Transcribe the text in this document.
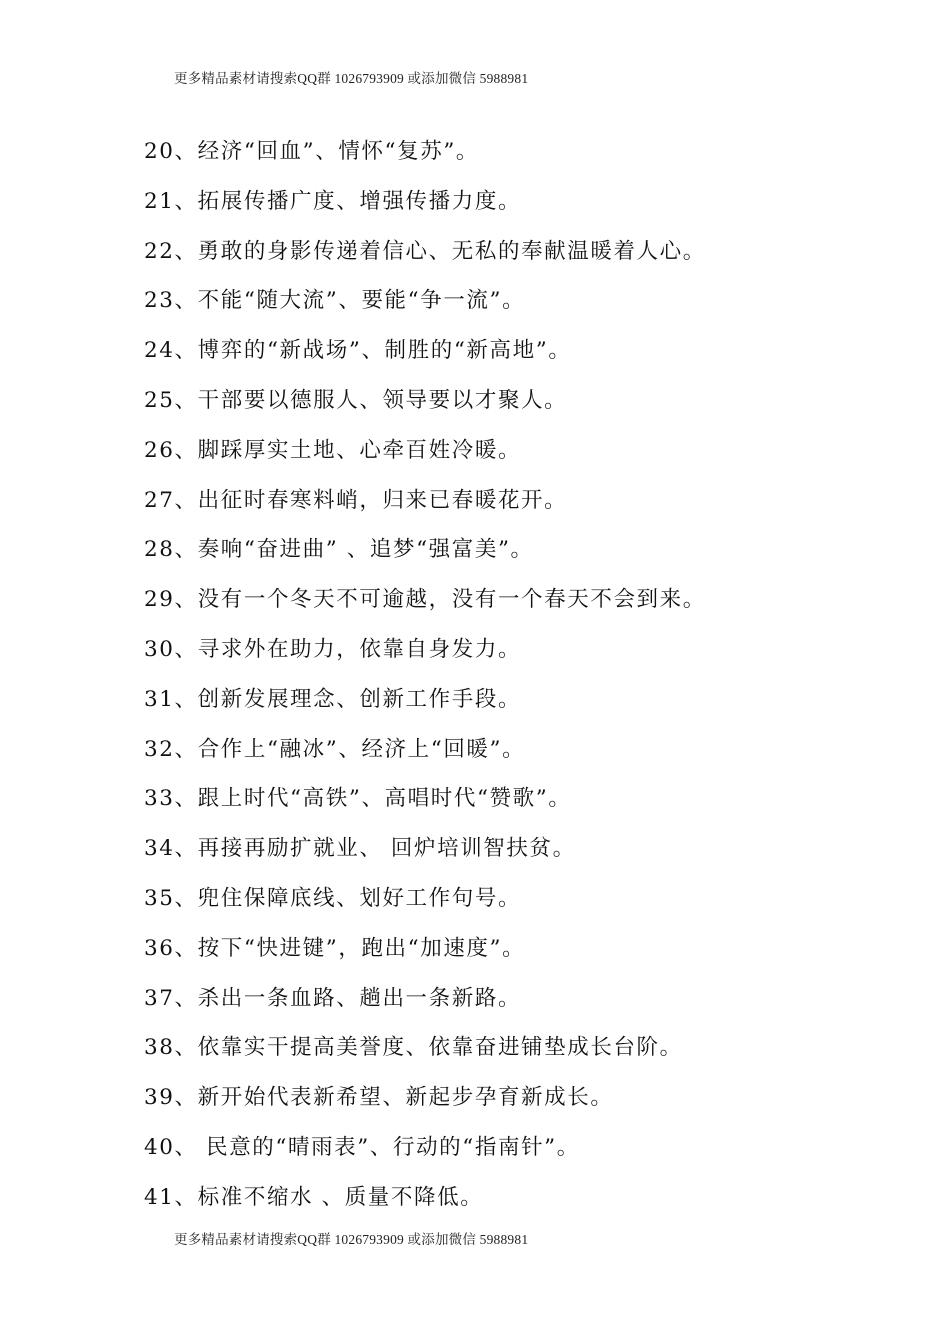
更多精品素材请搜索QQ群 1026793909 或添加微信 5988981
20、经济“回血”、情怀“复苏”。
21、拓展传播广度、增强传播力度。
22、勇敢的身影传递着信心、无私的奉献温暖着人心。
23、不能“随大流”、要能“争一流”。
24、博弈的“新战场”、制胜的“新高地”。
25、干部要以德服人、领导要以才聚人。
26、脚踩厚实土地、心牵百姓冷暖。
27、出征时春寒料峭，归来已春暖花开。
28、奏响“奋进曲” 、追梦“强富美”。
29、没有一个冬天不可逾越，没有一个春天不会到来。
30、寻求外在助力，依靠自身发力。
31、创新发展理念、创新工作手段。
32、合作上“融冰”、经济上“回暖”。
33、跟上时代“高铁”、高唱时代“赞歌”。
34、再接再励扩就业、 回炉培训智扶贫。
35、兜住保障底线、划好工作句号。
36、按下“快进键”，跑出“加速度”。
37、杀出一条血路、趟出一条新路。
38、依靠实干提高美誉度、依靠奋进铺垫成长台阶。
39、新开始代表新希望、新起步孕育新成长。
40、 民意的“晴雨表”、行动的“指南针”。
41、标准不缩水 、质量不降低。
更多精品素材请搜索QQ群 1026793909 或添加微信 5988981
